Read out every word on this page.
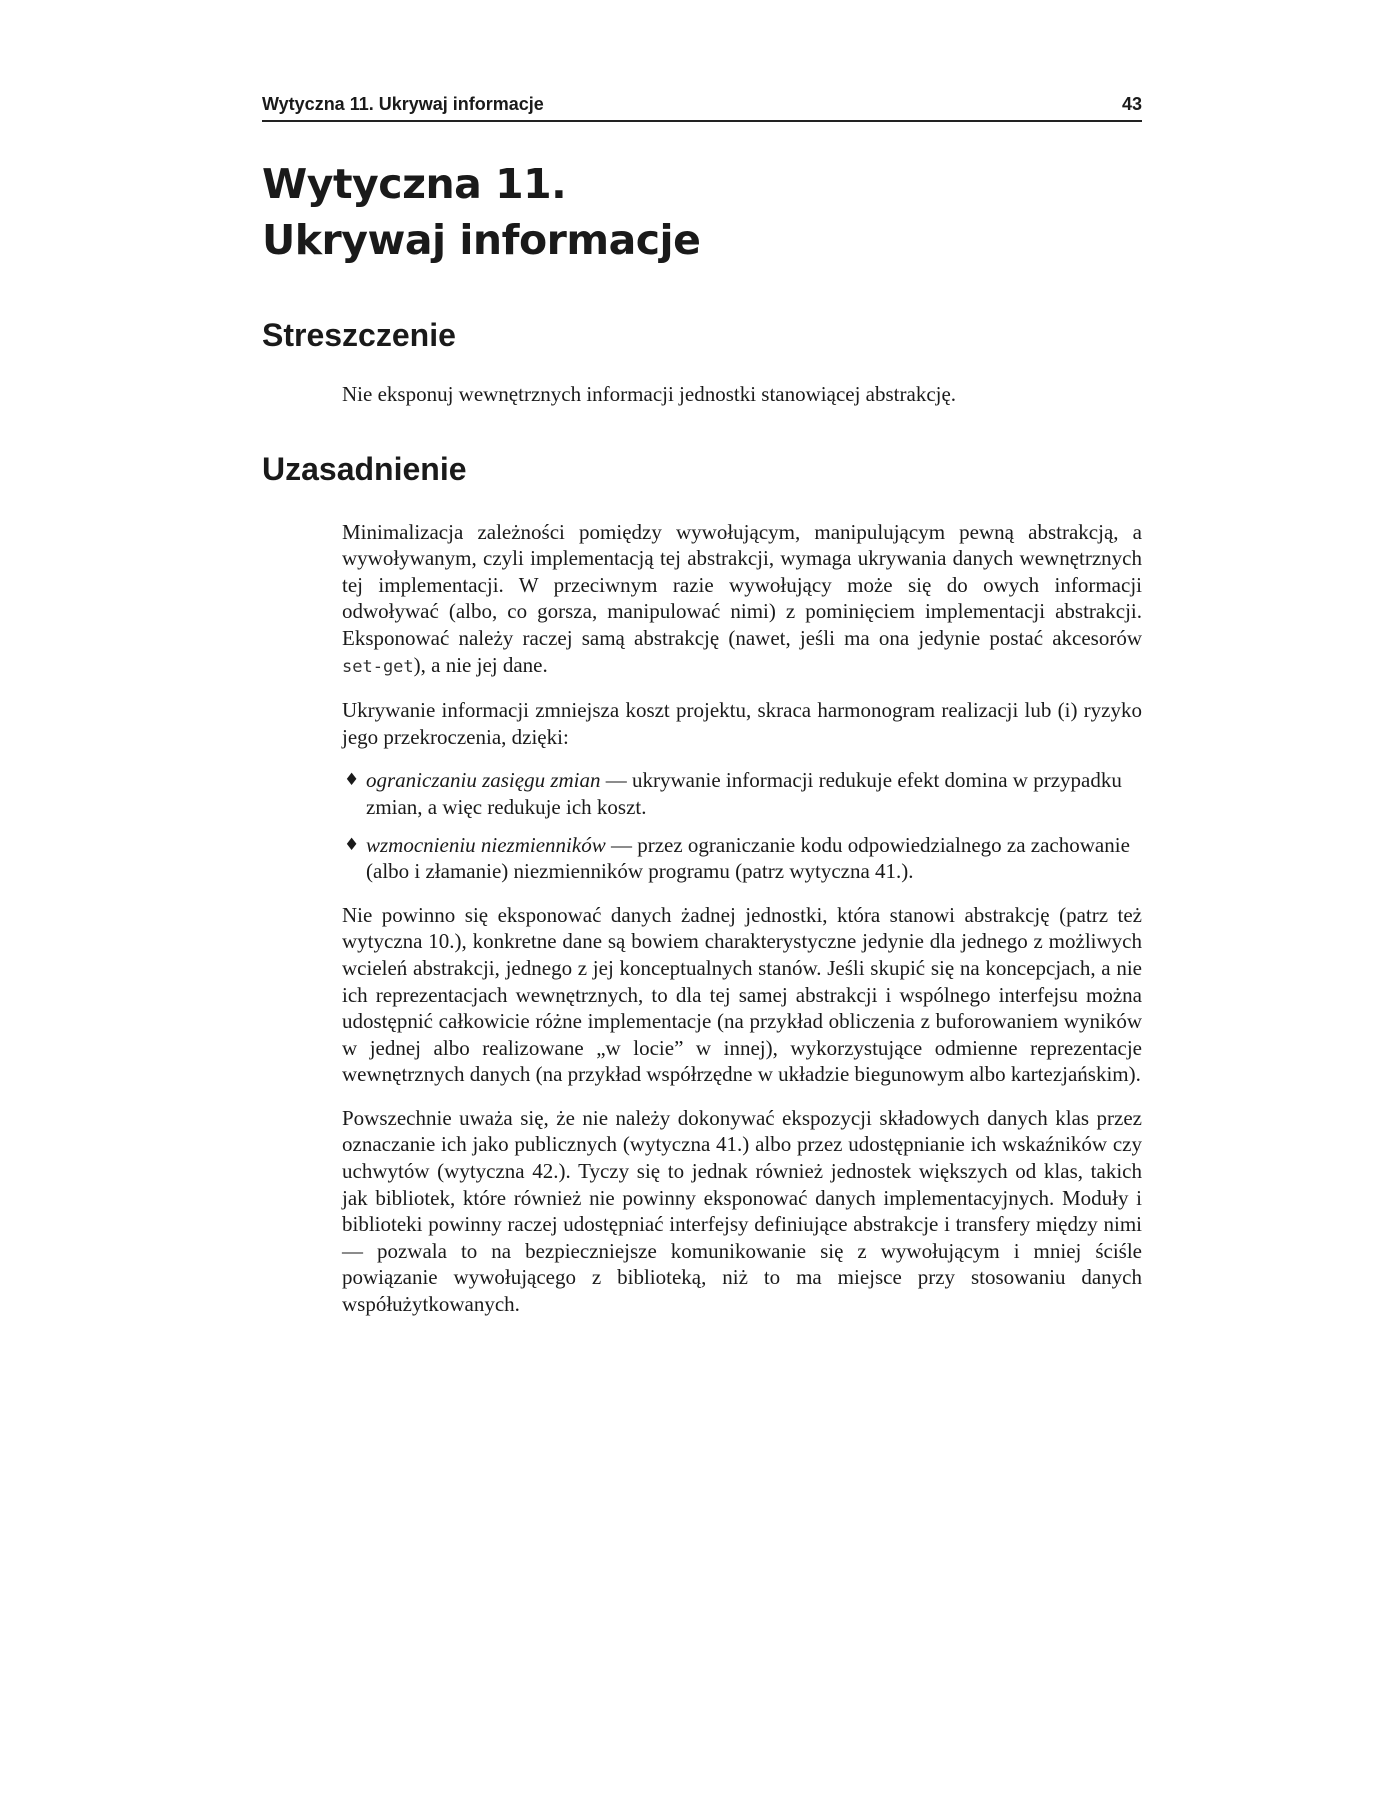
Wytyczna 11. Ukrywaj informacje	43
Wytyczna 11.
Ukrywaj informacje
Streszczenie

Nie eksponuj wewnętrznych informacji jednostki stanowiącej abstrakcję.

Uzasadnienie

Minimalizacja zależności pomiędzy wywołującym, manipulującym pewną abstrakcją, a wywoływanym, czyli implementacją tej abstrakcji, wymaga ukrywania danych wewnętrznych tej implementacji. W przeciwnym razie wywołujący może się do owych informacji odwoływać (albo, co gorsza, manipulować nimi) z pominięciem implementacji abstrakcji. Eksponować należy raczej samą abstrakcję (nawet, jeśli ma ona jedynie postać akcesorów set-get), a nie jej dane.

Ukrywanie informacji zmniejsza koszt projektu, skraca harmonogram realizacji lub (i) ryzyko jego przekroczenia, dzięki:

♦ ograniczaniu zasięgu zmian — ukrywanie informacji redukuje efekt domina w przypadku zmian, a więc redukuje ich koszt.
♦ wzmocnieniu niezmienników — przez ograniczanie kodu odpowiedzialnego za zachowanie (albo i złamanie) niezmienników programu (patrz wytyczna 41.).

Nie powinno się eksponować danych żadnej jednostki, która stanowi abstrakcję (patrz też wytyczna 10.), konkretne dane są bowiem charakterystyczne jedynie dla jednego z możliwych wcieleń abstrakcji, jednego z jej konceptualnych stanów. Jeśli skupić się na koncepcjach, a nie ich reprezentacjach wewnętrznych, to dla tej samej abstrakcji i wspólnego interfejsu można udostępnić całkowicie różne implementacje (na przykład obliczenia z buforowaniem wyników w jednej albo realizowane „w locie” w innej), wykorzystujące odmienne reprezentacje wewnętrznych danych (na przykład współrzędne w układzie biegunowym albo kartezjańskim).

Powszechnie uważa się, że nie należy dokonywać ekspozycji składowych danych klas przez oznaczanie ich jako publicznych (wytyczna 41.) albo przez udostępnianie ich wskaźników czy uchwytów (wytyczna 42.). Tyczy się to jednak również jednostek większych od klas, takich jak bibliotek, które również nie powinny eksponować danych implementacyjnych. Moduły i biblioteki powinny raczej udostępniać interfejsy definiujące abstrakcje i transfery między nimi — pozwala to na bezpieczniejsze komunikowanie się z wywołującym i mniej ściśle powiązanie wywołującego z biblioteką, niż to ma miejsce przy stosowaniu danych współużytkowanych.
